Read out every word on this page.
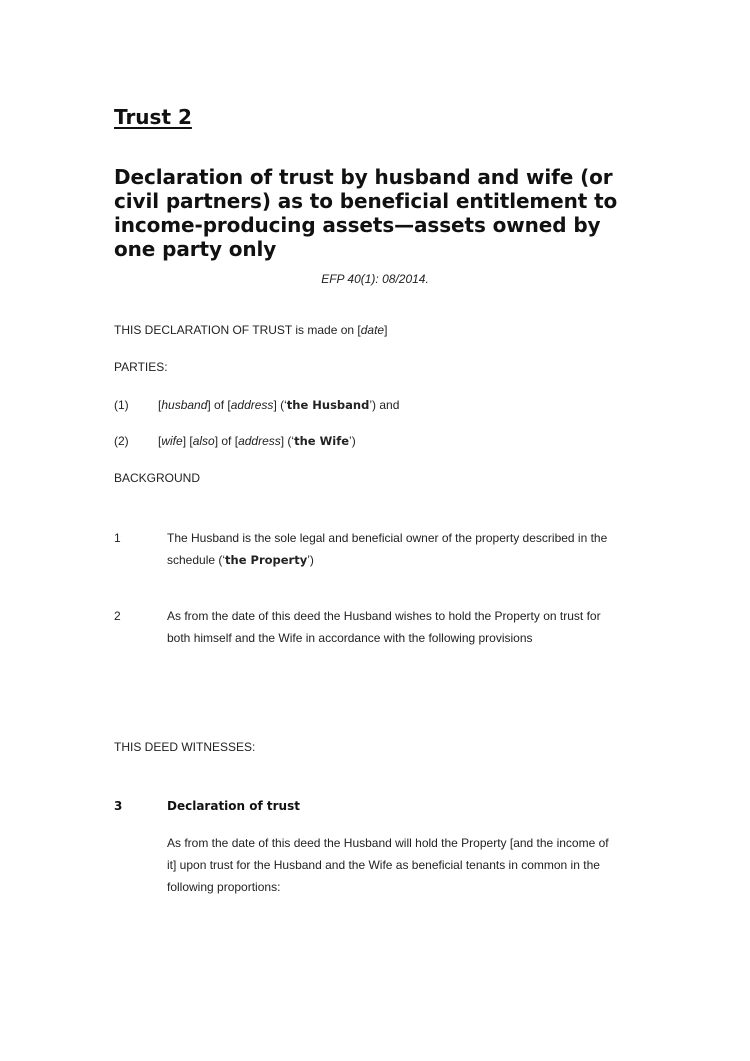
Trust 2
Declaration of trust by husband and wife (or
civil partners) as to beneficial entitlement to
income-producing assets—assets owned by
one party only
EFP 40(1): 08/2014.
THIS DECLARATION OF TRUST is made on [date]
PARTIES:
(1) [husband] of [address] (‘the Husband’) and
(2) [wife] [also] of [address] (‘the Wife’)
BACKGROUND
1	The Husband is the sole legal and beneficial owner of the property described in the
schedule (‘the Property’)
2	As from the date of this deed the Husband wishes to hold the Property on trust for
both himself and the Wife in accordance with the following provisions
THIS DEED WITNESSES:
3	Declaration of trust
As from the date of this deed the Husband will hold the Property [and the income of
it] upon trust for the Husband and the Wife as beneficial tenants in common in the
following proportions:
